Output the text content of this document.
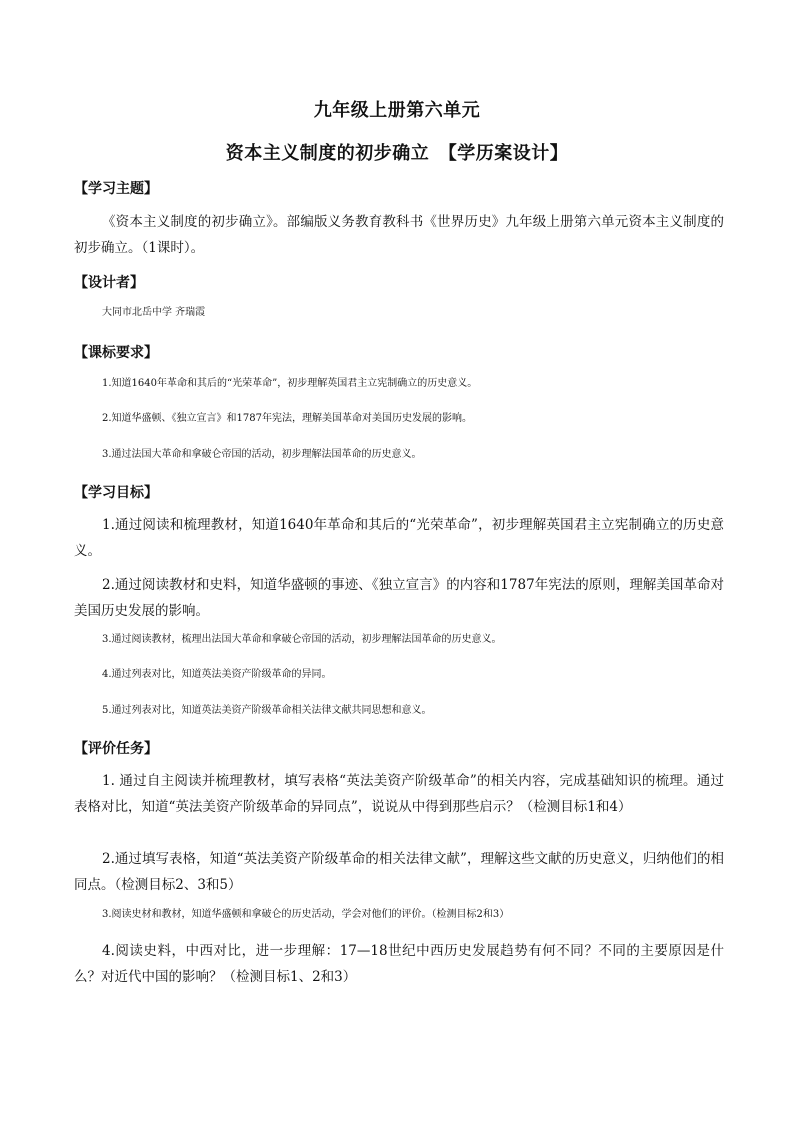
九年级上册第六单元
资本主义制度的初步确立　【学历案设计】
【学习主题】
《资本主义制度的初步确立》。部编版义务教育教科书《世界历史》九年级上册第六单元资本主义制度的初步确立。（1课时）。
【设计者】
大同市北岳中学 齐瑞霞
【课标要求】
1.知道1640年革命和其后的“光荣革命”，初步理解英国君主立宪制确立的历史意义。
2.知道华盛顿、《独立宣言》和1787年宪法，理解美国革命对美国历史发展的影响。
3.通过法国大革命和拿破仑帝国的活动，初步理解法国革命的历史意义。
【学习目标】
1.通过阅读和梳理教材，知道1640年革命和其后的“光荣革命”，初步理解英国君主立宪制确立的历史意义。
2.通过阅读教材和史料，知道华盛顿的事迹、《独立宣言》的内容和1787年宪法的原则，理解美国革命对美国历史发展的影响。
3.通过阅读教材，梳理出法国大革命和拿破仑帝国的活动，初步理解法国革命的历史意义。
4.通过列表对比，知道英法美资产阶级革命的异同。
5.通过列表对比，知道英法美资产阶级革命相关法律文献共同思想和意义。
【评价任务】
1. 通过自主阅读并梳理教材，填写表格“英法美资产阶级革命”的相关内容，完成基础知识的梳理。通过表格对比，知道“英法美资产阶级革命的异同点”，说说从中得到那些启示？（检测目标1和4）
2.通过填写表格，知道“英法美资产阶级革命的相关法律文献”，理解这些文献的历史意义，归纳他们的相同点。（检测目标2、3和5）
3.阅读史材和教材，知道华盛顿和拿破仑的历史活动，学会对他们的评价。（检测目标2和3）
4.阅读史料，中西对比，进一步理解：17—18世纪中西历史发展趋势有何不同？不同的主要原因是什么？对近代中国的影响？（检测目标1、2和3）
